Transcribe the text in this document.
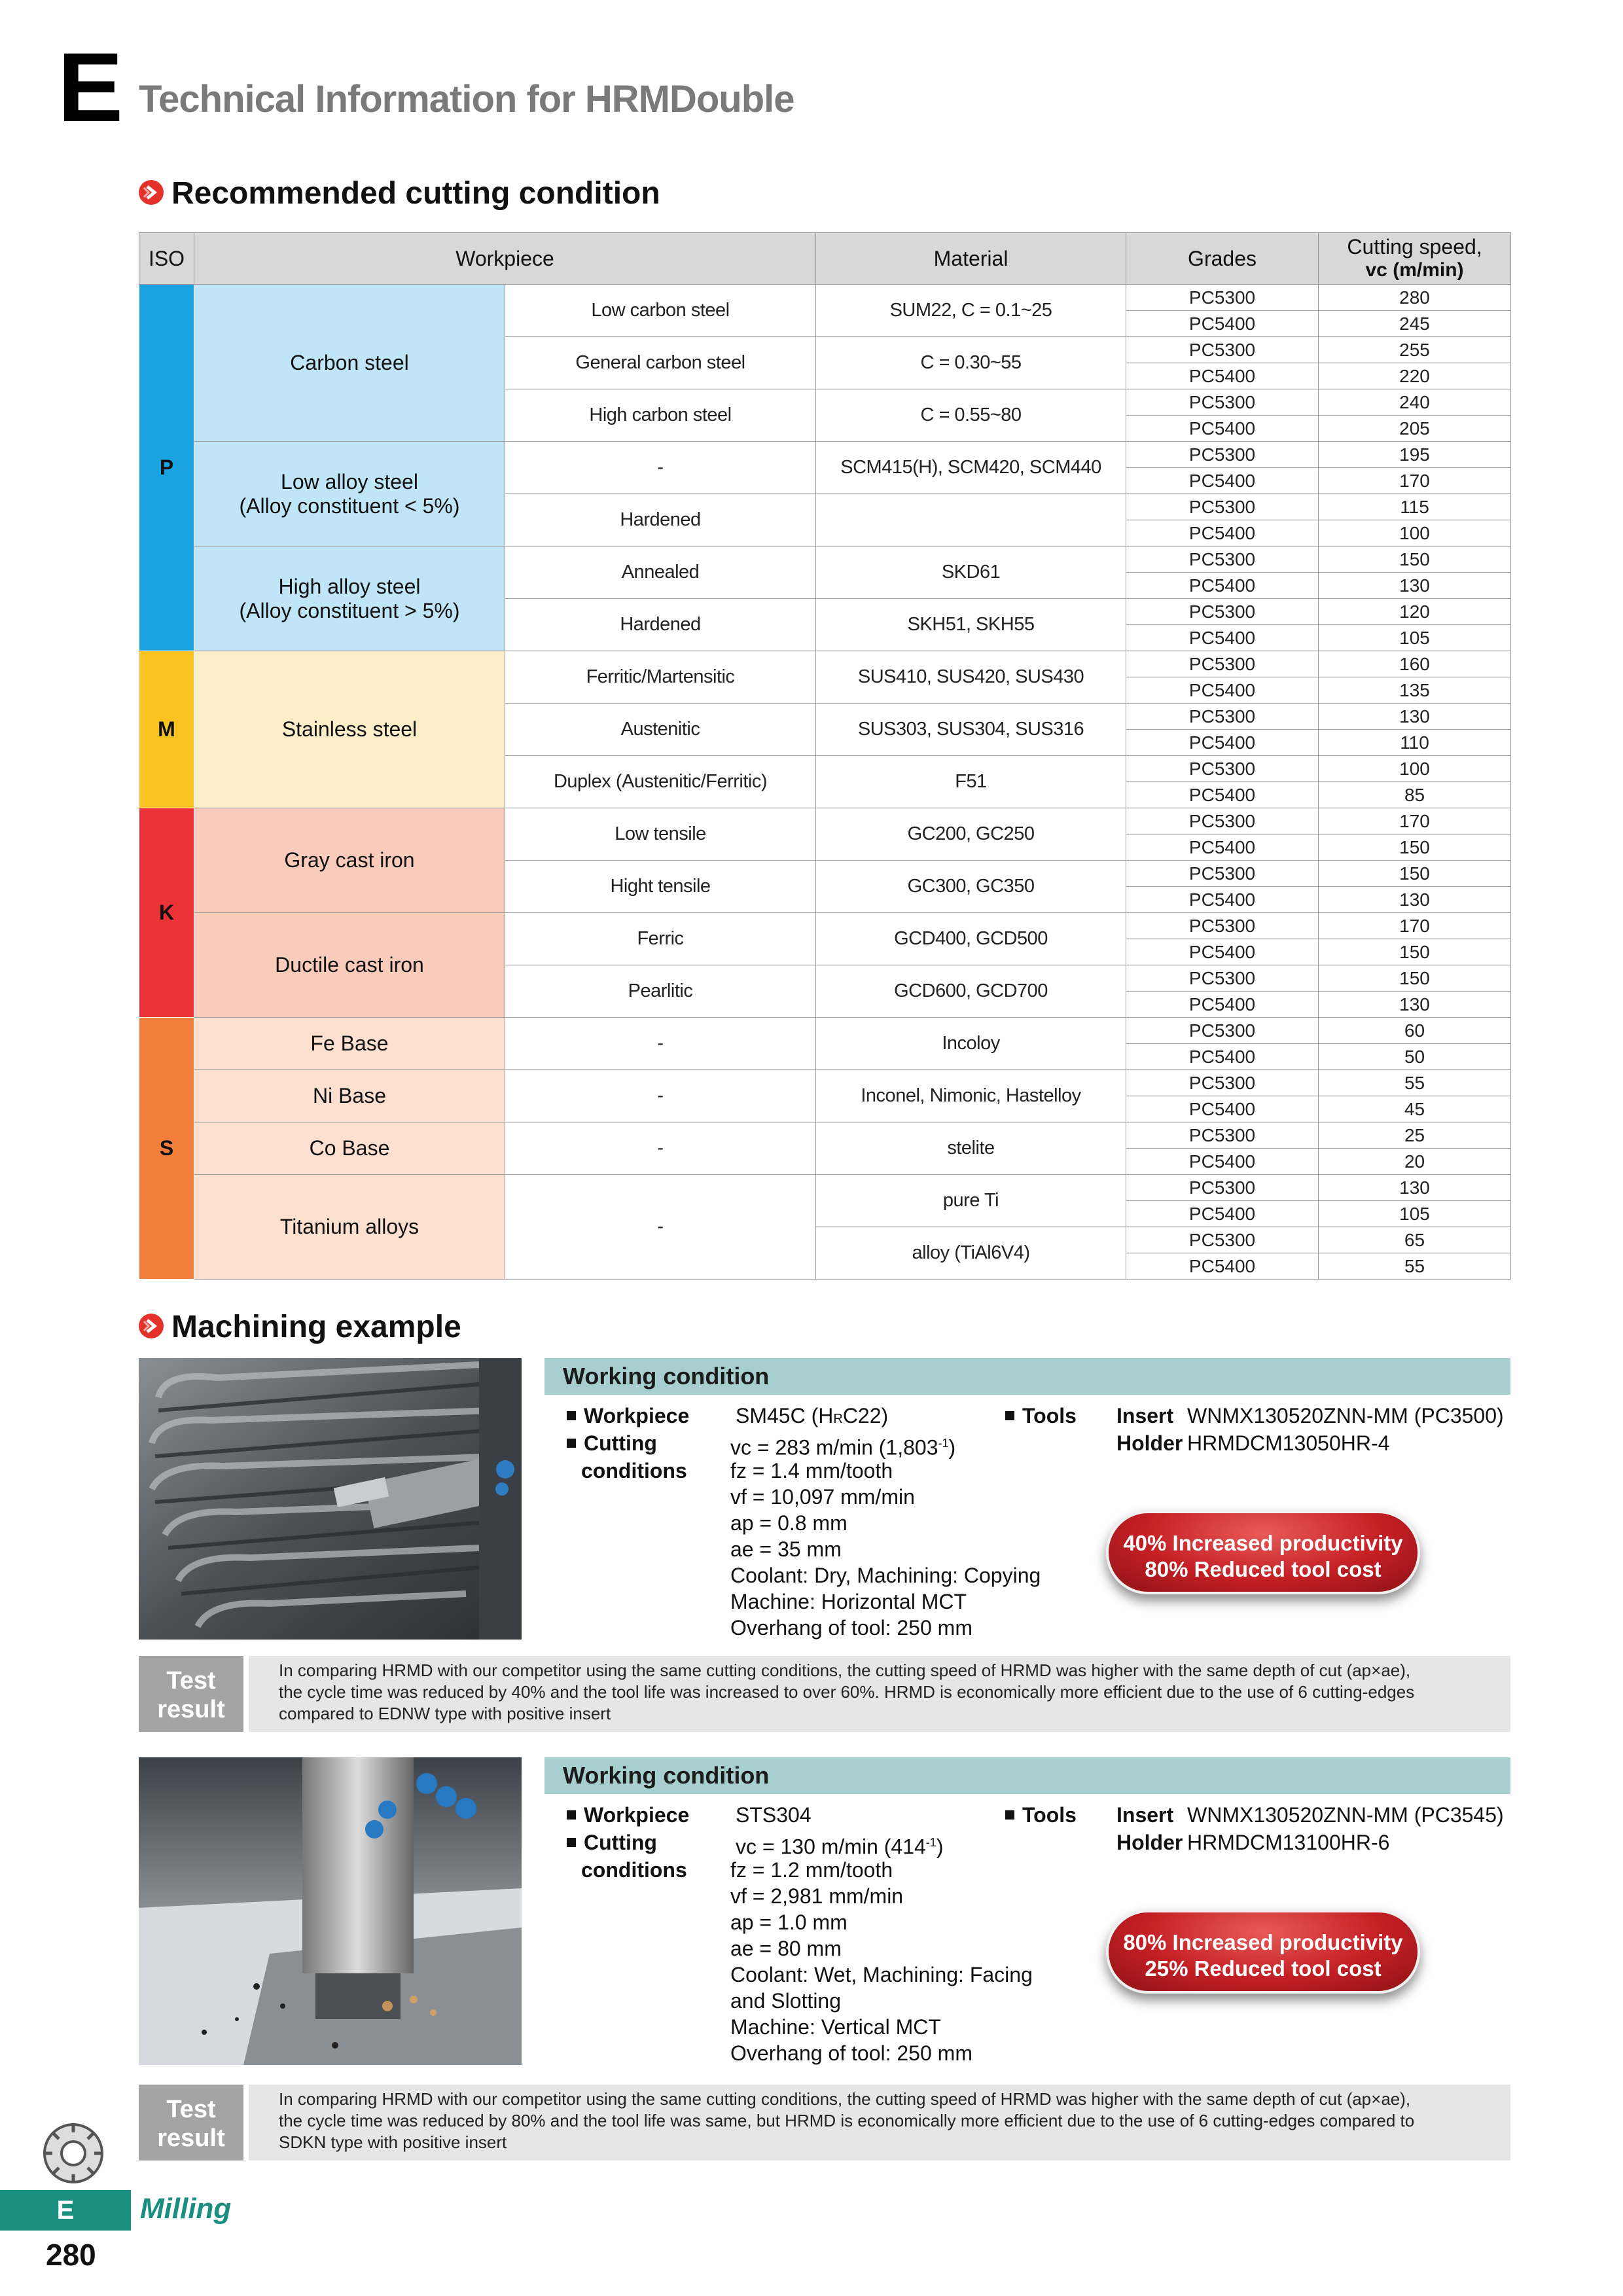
E Technical Information for HRMDouble
Recommended cutting condition
ISO	Workpiece		Material	Grades	Cutting speed,
vc (m/min)
P	Carbon steel	Low carbon steel	SUM22, C = 0.1~25	PC5300	280
				PC5400	245
		General carbon steel	C = 0.30~55	PC5300	255
				PC5400	220
		High carbon steel	C = 0.55~80	PC5300	240
				PC5400	205
	Low alloy steel
(Alloy constituent < 5%)	-	SCM415(H), SCM420, SCM440	PC5300	195
				PC5400	170
		Hardened		PC5300	115
				PC5400	100
	High alloy steel
(Alloy constituent > 5%)	Annealed	SKD61	PC5300	150
				PC5400	130
		Hardened	SKH51, SKH55	PC5300	120
				PC5400	105
M	Stainless steel	Ferritic/Martensitic	SUS410, SUS420, SUS430	PC5300	160
				PC5400	135
		Austenitic	SUS303, SUS304, SUS316	PC5300	130
				PC5400	110
		Duplex (Austenitic/Ferritic)	F51	PC5300	100
				PC5400	85
K	Gray cast iron	Low tensile	GC200, GC250	PC5300	170
				PC5400	150
		Hight tensile	GC300, GC350	PC5300	150
				PC5400	130
	Ductile cast iron	Ferric	GCD400, GCD500	PC5300	170
				PC5400	150
		Pearlitic	GCD600, GCD700	PC5300	150
				PC5400	130
S	Fe Base	-	Incoloy	PC5300	60
				PC5400	50
	Ni Base	-	Inconel, Nimonic, Hastelloy	PC5300	55
				PC5400	45
	Co Base	-	stelite	PC5300	25
				PC5400	20
	Titanium alloys	-	pure Ti	PC5300	130
				PC5400	105
			alloy (TiAl6V4)	PC5300	65
				PC5400	55
Machining example
Working condition
Workpiece SM45C (HRC22)
Cutting
conditions
vc = 283 m/min $(1,803^{-1})$
fz = 1.4 mm/tooth
vf = 10,097 mm/min
ap = 0.8 mm
ae = 35 mm
Coolant: Dry, Machining: Copying
Machine: Horizontal MCT
Overhang of tool: 250 mm
Tools Insert WNMX130520ZNN-MM (PC3500)
Holder HRMDCM13050HR-4
40% Increased productivity
80% Reduced tool cost
Test
result
In comparing HRMD with our competitor using the same cutting conditions, the cutting speed of HRMD was higher with the same depth of cut (ap×ae),
the cycle time was reduced by 40% and the tool life was increased to over 60%. HRMD is economically more efficient due to the use of 6 cutting-edges
compared to EDNW type with positive insert
Working condition
Workpiece STS304
Cutting
conditions
vc = 130 m/min $(414^{-1})$
fz = 1.2 mm/tooth
vf = 2,981 mm/min
ap = 1.0 mm
ae = 80 mm
Coolant: Wet, Machining: Facing
and Slotting
Machine: Vertical MCT
Overhang of tool: 250 mm
Tools Insert WNMX130520ZNN-MM (PC3545)
Holder HRMDCM13100HR-6
80% Increased productivity
25% Reduced tool cost
Test
result
In comparing HRMD with our competitor using the same cutting conditions, the cutting speed of HRMD was higher with the same depth of cut (ap×ae),
the cycle time was reduced by 80% and the tool life was same, but HRMD is economically more efficient due to the use of 6 cutting-edges compared to
SDKN type with positive insert
E	Milling
280
